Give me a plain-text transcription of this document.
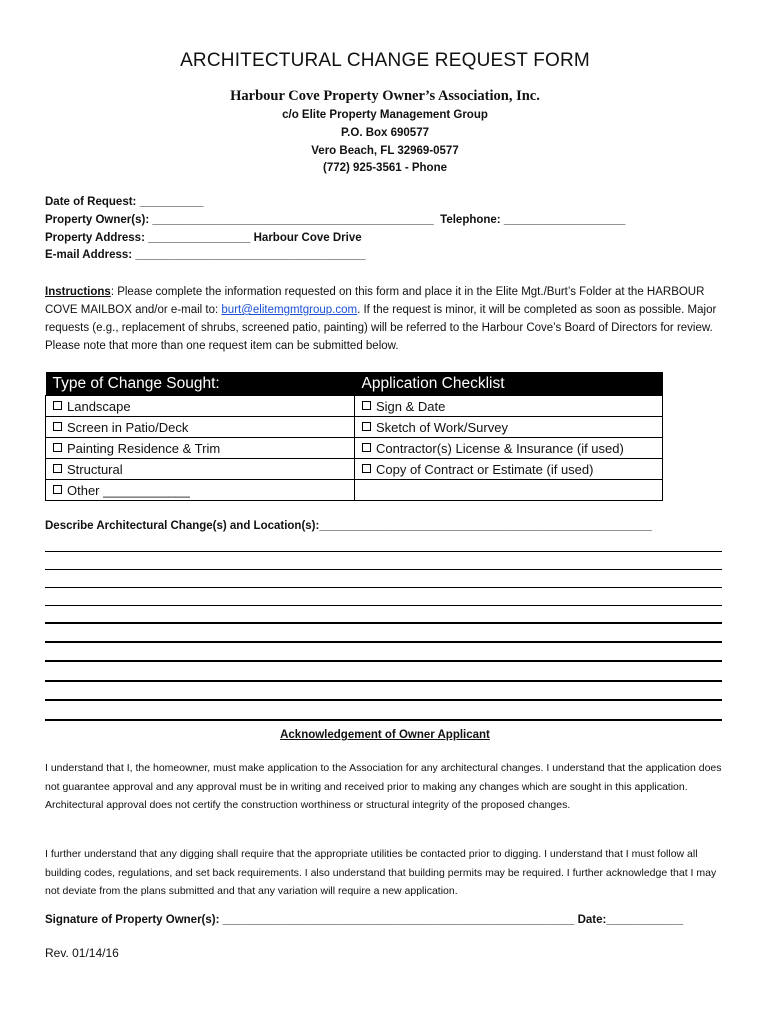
ARCHITECTURAL CHANGE REQUEST FORM
Harbour Cove Property Owner’s Association, Inc.
c/o Elite Property Management Group
P.O. Box 690577
Vero Beach, FL 32969-0577
(772) 925-3561 - Phone
Date of Request: __________
Property Owner(s): ____________________________________________  Telephone: ___________________
Property Address: ________________ Harbour Cove Drive
E-mail Address: ____________________________________
Instructions: Please complete the information requested on this form and place it in the Elite Mgt./Burt’s Folder at the HARBOUR COVE MAILBOX and/or e-mail to: burt@elitemgmtgroup.com. If the request is minor, it will be completed as soon as possible. Major requests (e.g., replacement of shrubs, screened patio, painting) will be referred to the Harbour Cove’s Board of Directors for review. Please note that more than one request item can be submitted below.
Type of Change Sought:	Application Checklist
Landscape	Sign & Date
Screen in Patio/Deck	Sketch of Work/Survey
Painting Residence & Trim	Contractor(s) License & Insurance (if used)
Structural	Copy of Contract or Estimate (if used)
Other ____________	
Describe Architectural Change(s) and Location(s):____________________________________________________
Acknowledgement of Owner Applicant
I understand that I, the homeowner, must make application to the Association for any architectural changes. I understand that the application does not guarantee approval and any approval must be in writing and received prior to making any changes which are sought in this application. Architectural approval does not certify the construction worthiness or structural integrity of the proposed changes.
I further understand that any digging shall require that the appropriate utilities be contacted prior to digging. I understand that I must follow all building codes, regulations, and set back requirements. I also understand that building permits may be required. I further acknowledge that I may not deviate from the plans submitted and that any variation will require a new application.
Signature of Property Owner(s): _______________________________________________________ Date:____________
Rev. 01/14/16
